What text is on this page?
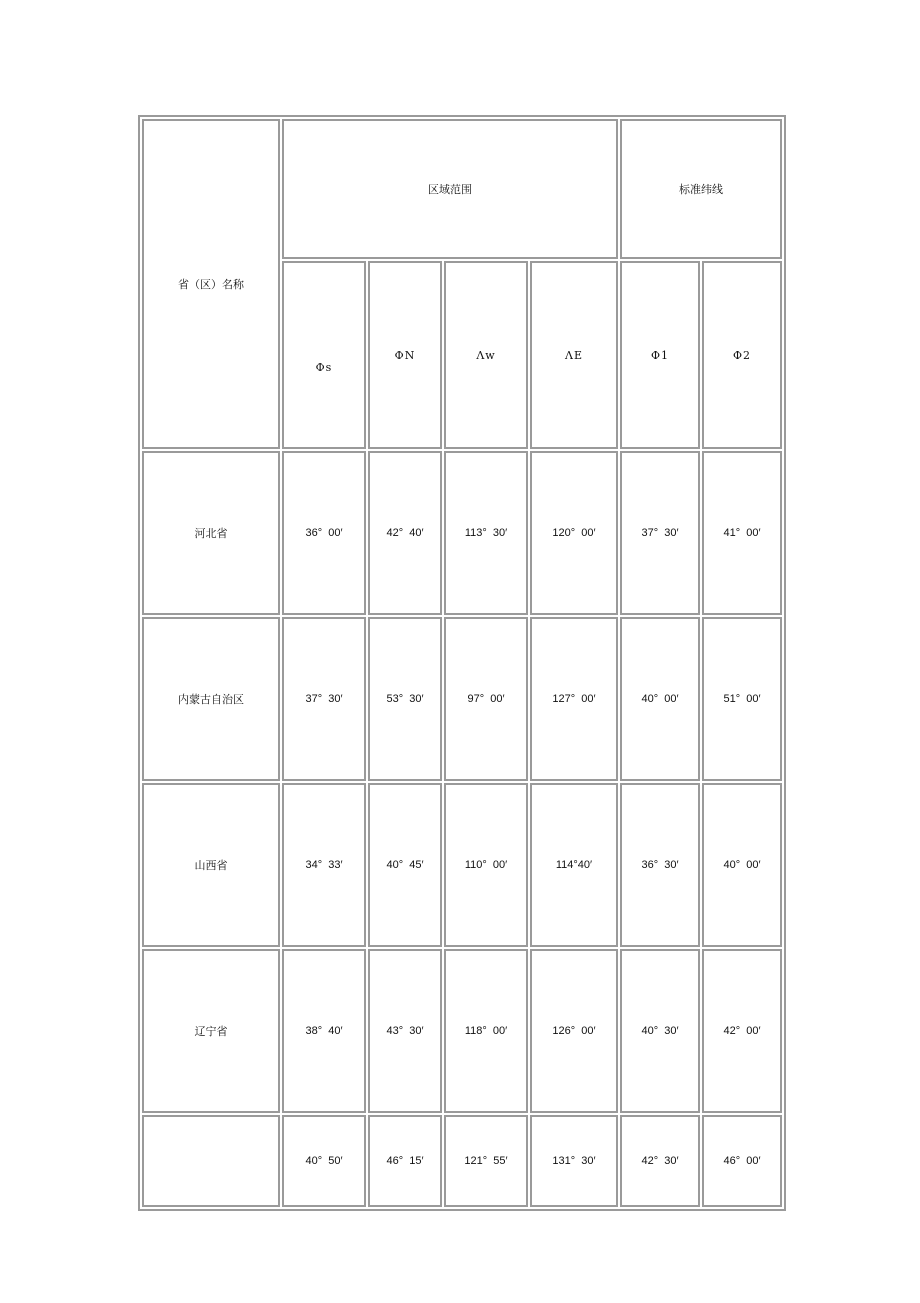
省（区）名称	区域范围				标准纬线	
	Φs	ΦN	Λw	ΛE	Φ1	Φ2
河北省	36°  00′	42°  40′	113°  30′	120°  00′	37°  30′	41°  00′
内蒙古自治区	37°  30′	53°  30′	97°  00′	127°  00′	40°  00′	51°  00′
山西省	34°  33′	40°  45′	110°  00′	114°40′	36°  30′	40°  00′
辽宁省	38°  40′	43°  30′	118°  00′	126°  00′	40°  30′	42°  00′
	40°  50′	46°  15′	121°  55′	131°  30′	42°  30′	46°  00′
